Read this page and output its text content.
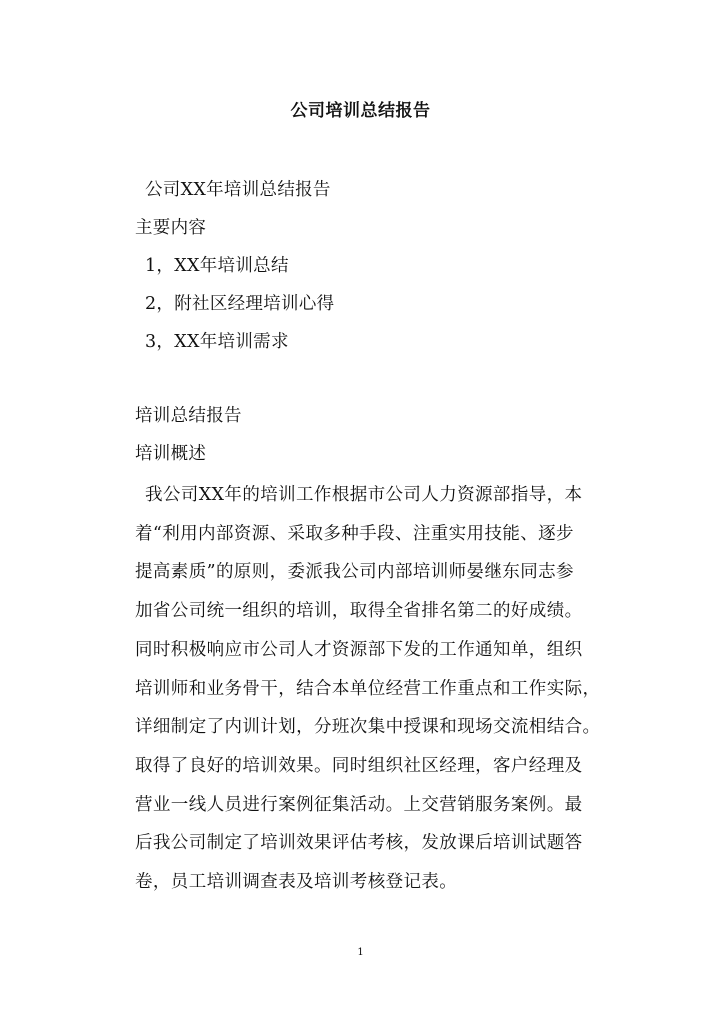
公司培训总结报告
公司XX年培训总结报告
主要内容
1，XX年培训总结
2，附社区经理培训心得
3，XX年培训需求
培训总结报告
培训概述
我公司XX年的培训工作根据市公司人力资源部指导，本
着“利用内部资源、采取多种手段、注重实用技能、逐步
提高素质”的原则，委派我公司内部培训师晏继东同志参
加省公司统一组织的培训，取得全省排名第二的好成绩。
同时积极响应市公司人才资源部下发的工作通知单，组织
培训师和业务骨干，结合本单位经营工作重点和工作实际，
详细制定了内训计划，分班次集中授课和现场交流相结合。
取得了良好的培训效果。同时组织社区经理，客户经理及
营业一线人员进行案例征集活动。上交营销服务案例。最
后我公司制定了培训效果评估考核，发放课后培训试题答
卷，员工培训调查表及培训考核登记表。
1
